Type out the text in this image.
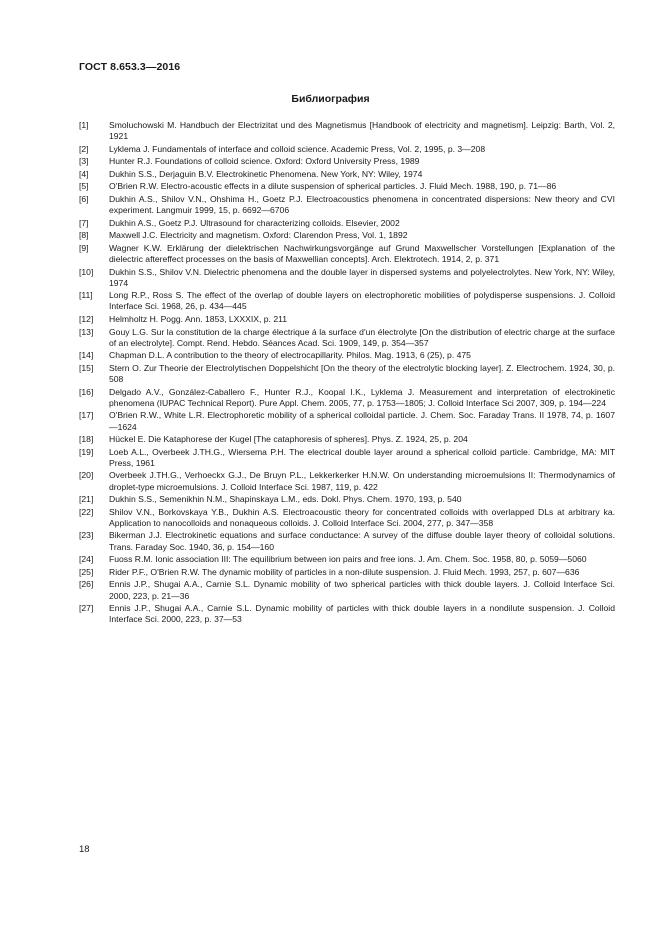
ГОСТ 8.653.3—2016
Библиография
[1]	Smoluchowski M. Handbuch der Electrizitat und des Magnetismus [Handbook of electricity and magnetism]. Leipzig: Barth, Vol. 2, 1921
[2]	Lyklema J. Fundamentals of interface and colloid science. Academic Press, Vol. 2, 1995, p. 3—208
[3]	Hunter R.J. Foundations of colloid science. Oxford: Oxford University Press, 1989
[4]	Dukhin S.S., Derjaguin B.V. Electrokinetic Phenomena. New York, NY: Wiley, 1974
[5]	O'Brien R.W. Electro-acoustic effects in a dilute suspension of spherical particles. J. Fluid Mech. 1988, 190, p. 71—86
[6]	Dukhin A.S., Shilov V.N., Ohshima H., Goetz P.J. Electroacoustics phenomena in concentrated dispersions: New theory and CVI experiment. Langmuir 1999, 15, p. 6692—6706
[7]	Dukhin A.S., Goetz P.J. Ultrasound for characterizing colloids. Elsevier, 2002
[8]	Maxwell J.C. Electricity and magnetism. Oxford: Clarendon Press, Vol. 1, 1892
[9]	Wagner K.W. Erklärung der dielektrischen Nachwirkungsvorgänge auf Grund Maxwellscher Vorstellungen [Explanation of the dielectric aftereffect processes on the basis of Maxwellian concepts]. Arch. Elektrotech. 1914, 2, p. 371
[10]	Dukhin S.S., Shilov V.N. Dielectric phenomena and the double layer in dispersed systems and polyelectrolytes. New York, NY: Wiley, 1974
[11]	Long R.P., Ross S. The effect of the overlap of double layers on electrophoretic mobilities of polydisperse suspensions. J. Colloid Interface Sci. 1968, 26, p. 434—445
[12]	Helmholtz H. Pogg. Ann. 1853, LXXXIX, p. 211
[13]	Gouy L.G. Sur la constitution de la charge électrique á la surface d'un électrolyte [On the distribution of electric charge at the surface of an electrolyte]. Compt. Rend. Hebdo. Séances Acad. Sci. 1909, 149, p. 354—357
[14]	Chapman D.L. A contribution to the theory of electrocapillarity. Philos. Mag. 1913, 6 (25), p. 475
[15]	Stern O. Zur Theorie der Electrolytischen Doppelshicht [On the theory of the electrolytic blocking layer]. Z. Electrochem. 1924, 30, p. 508
[16]	Delgado A.V., González-Caballero F., Hunter R.J., Koopal I.K., Lyklema J. Measurement and interpretation of electrokinetic phenomena (IUPAC Technical Report). Pure Appl. Chem. 2005, 77, p. 1753—1805; J. Colloid Interface Sci 2007, 309, p. 194—224
[17]	O'Brien R.W., White L.R. Electrophoretic mobility of a spherical colloidal particle. J. Chem. Soc. Faraday Trans. II 1978, 74, p. 1607—1624
[18]	Hückel E. Die Kataphorese der Kugel [The cataphoresis of spheres]. Phys. Z. 1924, 25, p. 204
[19]	Loeb A.L., Overbeek J.TH.G., Wiersema P.H. The electrical double layer around a spherical colloid particle. Cambridge, MA: MIT Press, 1961
[20]	Overbeek J.TH.G., Verhoeckx G.J., De Bruyn P.L., Lekkerkerker H.N.W. On understanding microemulsions II: Thermodynamics of droplet-type microemulsions. J. Colloid Interface Sci. 1987, 119, p. 422
[21]	Dukhin S.S., Semenikhin N.M., Shapinskaya L.M., eds. Dokl. Phys. Chem. 1970, 193, p. 540
[22]	Shilov V.N., Borkovskaya Y.B., Dukhin A.S. Electroacoustic theory for concentrated colloids with overlapped DLs at arbitrary ka. Application to nanocolloids and nonaqueous colloids. J. Colloid Interface Sci. 2004, 277, p. 347—358
[23]	Bikerman J.J. Electrokinetic equations and surface conductance: A survey of the diffuse double layer theory of colloidal solutions. Trans. Faraday Soc. 1940, 36, p. 154—160
[24]	Fuoss R.M. Ionic association III: The equilibrium between ion pairs and free ions. J. Am. Chem. Soc. 1958, 80, p. 5059—5060
[25]	Rider P.F., O'Brien R.W. The dynamic mobility of particles in a non-dilute suspension. J. Fluid Mech. 1993, 257, p. 607—636
[26]	Ennis J.P., Shugai A.A., Carnie S.L. Dynamic mobility of two spherical particles with thick double layers. J. Colloid Interface Sci. 2000, 223, p. 21—36
[27]	Ennis J.P., Shugai A.A., Carnie S.L. Dynamic mobility of particles with thick double layers in a nondilute suspension. J. Colloid Interface Sci. 2000, 223, p. 37—53
18
